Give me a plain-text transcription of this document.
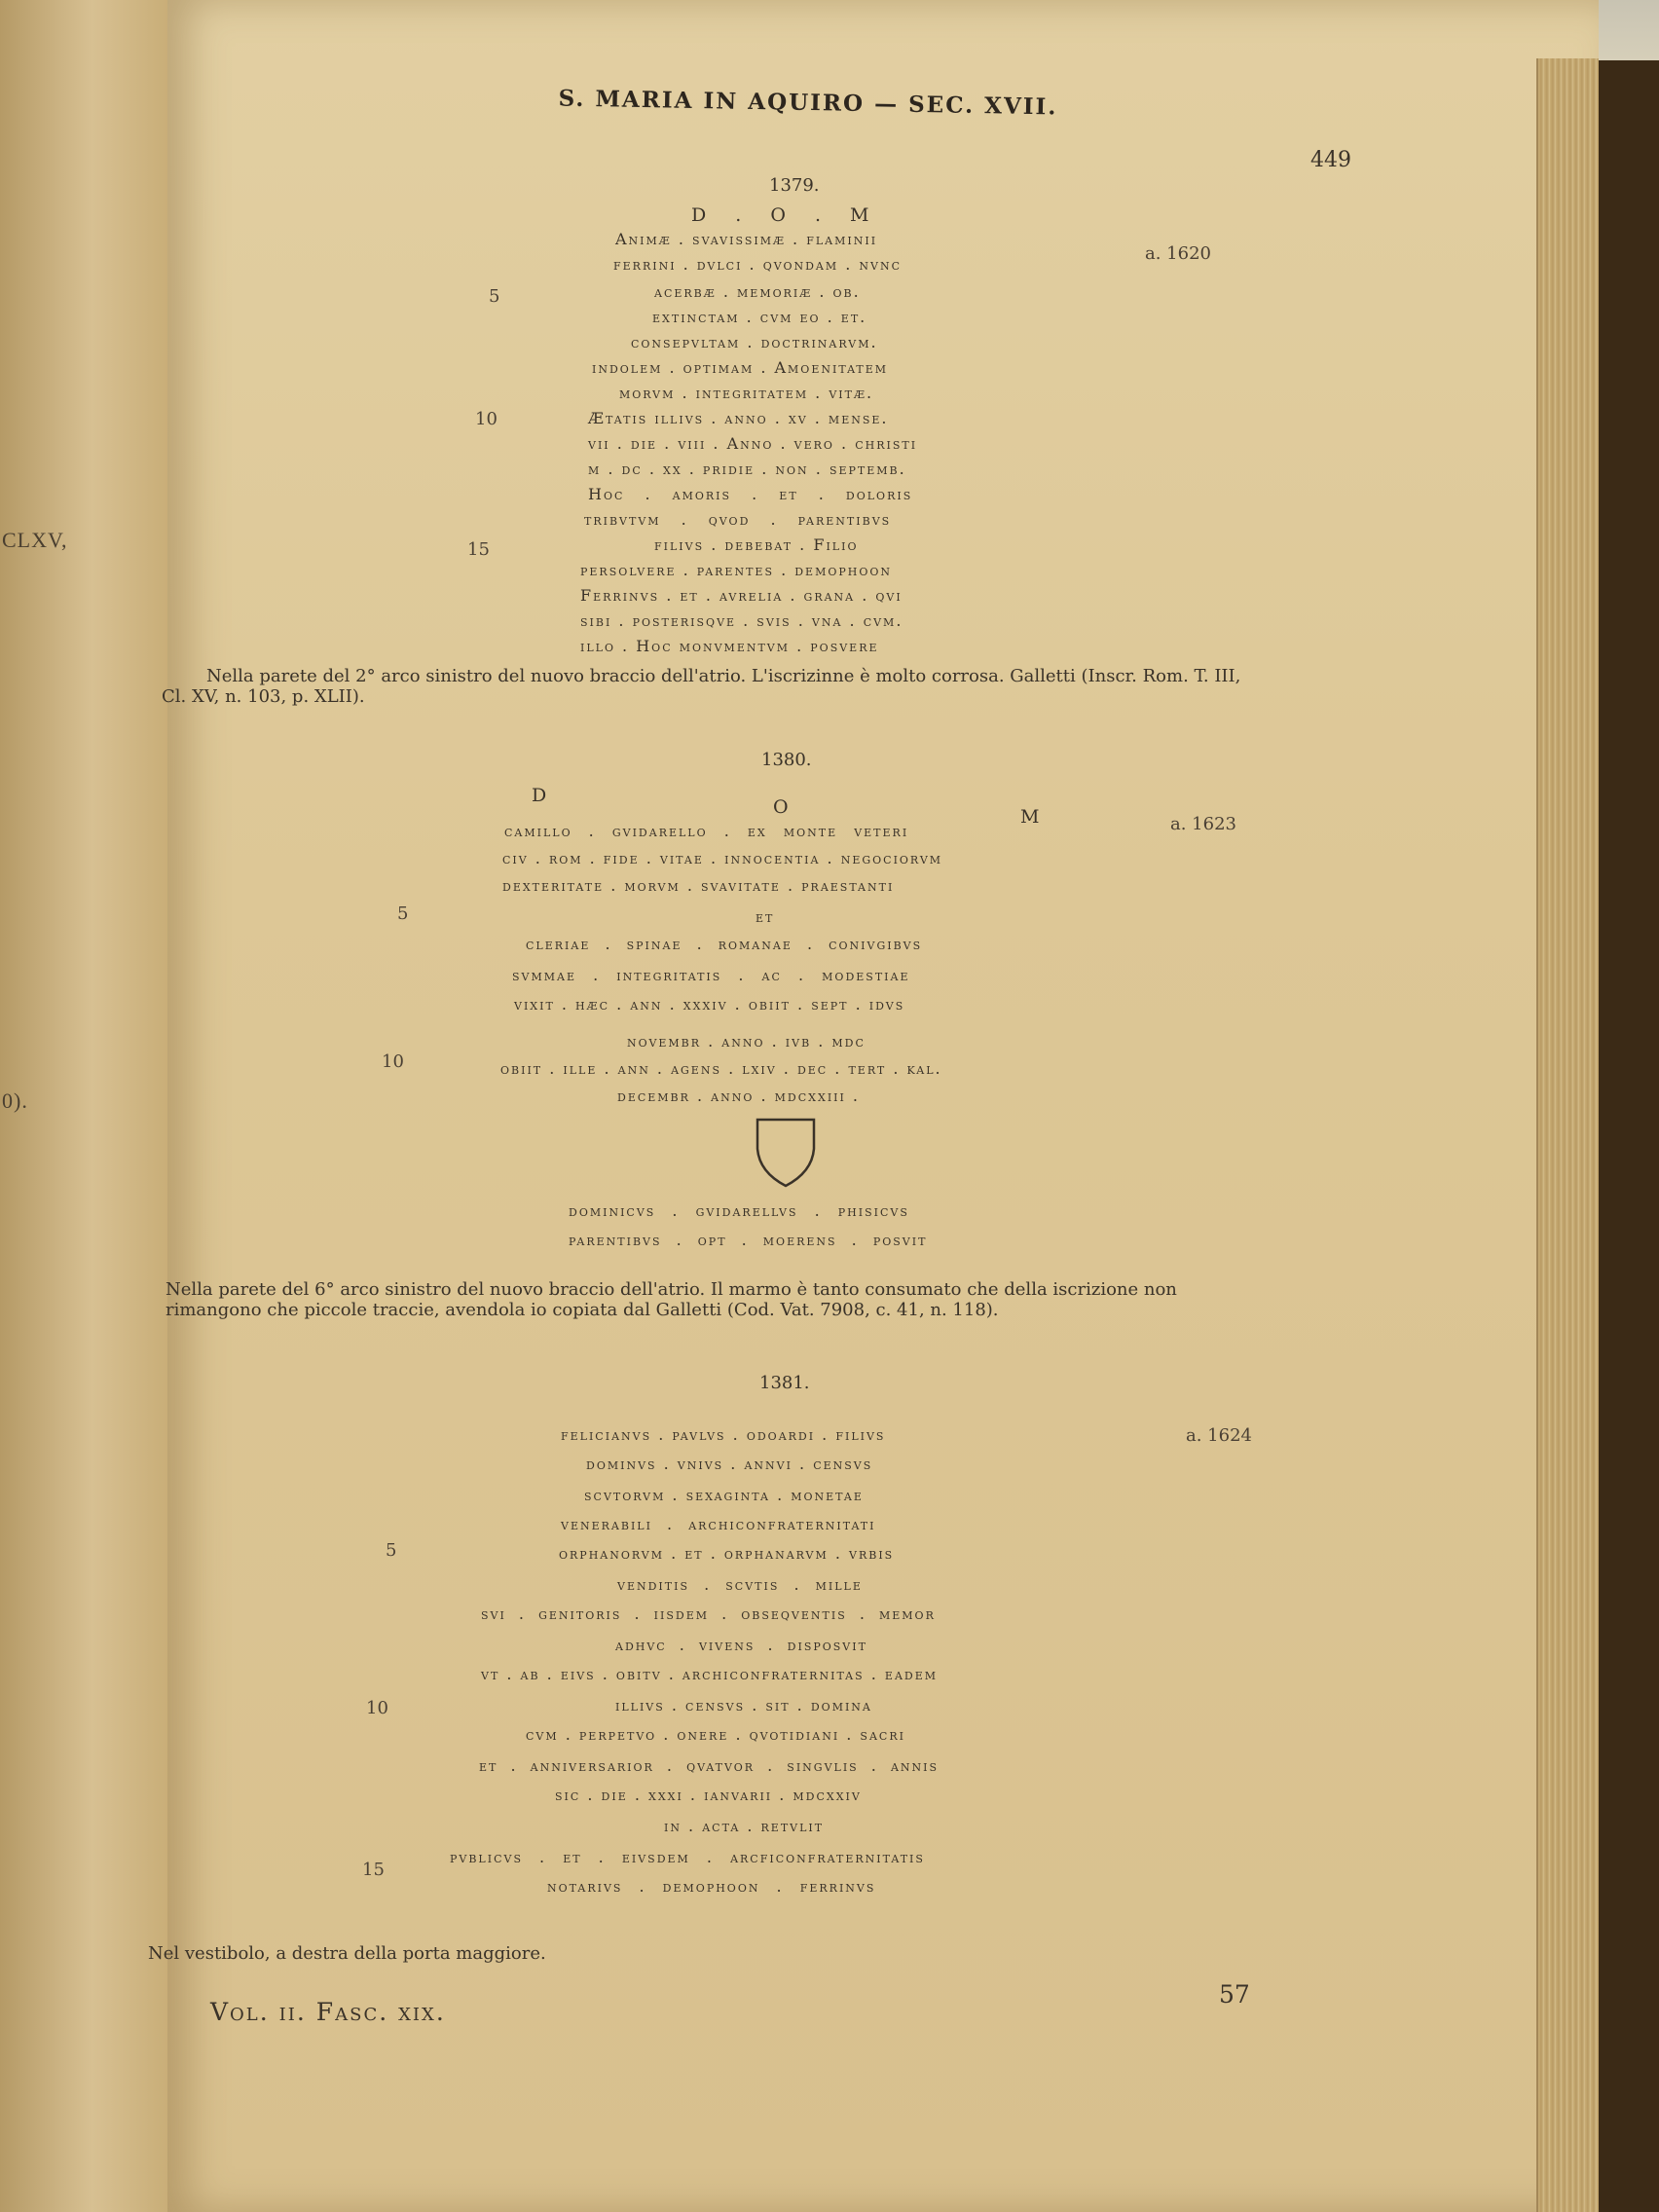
CLXV,
0).
S. MARIA IN AQUIRO — SEC. XVII.
449
1379.
a. 1620
5
10
15
D . O . M
Animæ . svavissimæ . flaminii
ferrini . dvlci . qvondam . nvnc
acerbæ . memoriæ . ob.
extinctam . cvm eo . et.
consepvltam . doctrinarvm.
indolem . optimam . Amoenitatem
morvm . integritatem . vitæ.
Ætatis illivs . anno . xv . mense.
vii . die . viii . Anno . vero . christi
m . dc . xx . pridie . non . septemb.
Hoc . amoris . et . doloris
tribvtvm . qvod . parentibvs
filivs . debebat . Filio
persolvere . parentes . demophoon
Ferrinvs . et . avrelia . grana . qvi
sibi . posterisqve . svis . vna . cvm.
illo . Hoc monvmentvm . posvere
Nella parete del 2° arco sinistro del nuovo braccio dell'atrio. L'iscrizinne è molto corrosa. Galletti (Inscr. Rom. T. III,
Cl. XV, n. 103, p. XLII).
1380.
a. 1623
5
10
D
O	M
camillo . gvidarello . ex monte veteri
civ . rom . fide . vitae . innocentia . negociorvm
dexteritate . morvm . svavitate . praestanti
et
cleriae . spinae . romanae . conivgibvs
svmmae . integritatis . ac . modestiae
vixit . hæc . ann . xxxiv . obiit . sept . idvs
novembr . anno . ivb . mdc
obiit . ille . ann . agens . lxiv . dec . tert . kal.
decembr . anno . mdcxxiii .
dominicvs . gvidarellvs . phisicvs
parentibvs . opt . moerens . posvit
Nella parete del 6° arco sinistro del nuovo braccio dell'atrio. Il marmo è tanto consumato che della iscrizione non
rimangono che piccole traccie, avendola io copiata dal Galletti (Cod. Vat. 7908, c. 41, n. 118).
1381.
a. 1624
5
10
15
felicianvs . pavlvs . odoardi . filivs
dominvs . vnivs . annvi . censvs
scvtorvm . sexaginta . monetae
venerabili . archiconfraternitati
orphanorvm . et . orphanarvm . vrbis
venditis . scvtis . mille
svi . genitoris . iisdem . obseqventis . memor
adhvc . vivens . disposvit
vt . ab . eivs . obitv . archiconfraternitas . eadem
illivs . censvs . sit . domina
cvm . perpetvo . onere . qvotidiani . sacri
et . anniversarior . qvatvor . singvlis . annis
sic . die . xxxi . ianvarii . mdcxxiv
in . acta . retvlit
pvblicvs . et . eivsdem . arcficonfraternitatis
notarivs . demophoon . ferrinvs
Nel vestibolo, a destra della porta maggiore.
Vol. ii. Fasc. xix.
57
